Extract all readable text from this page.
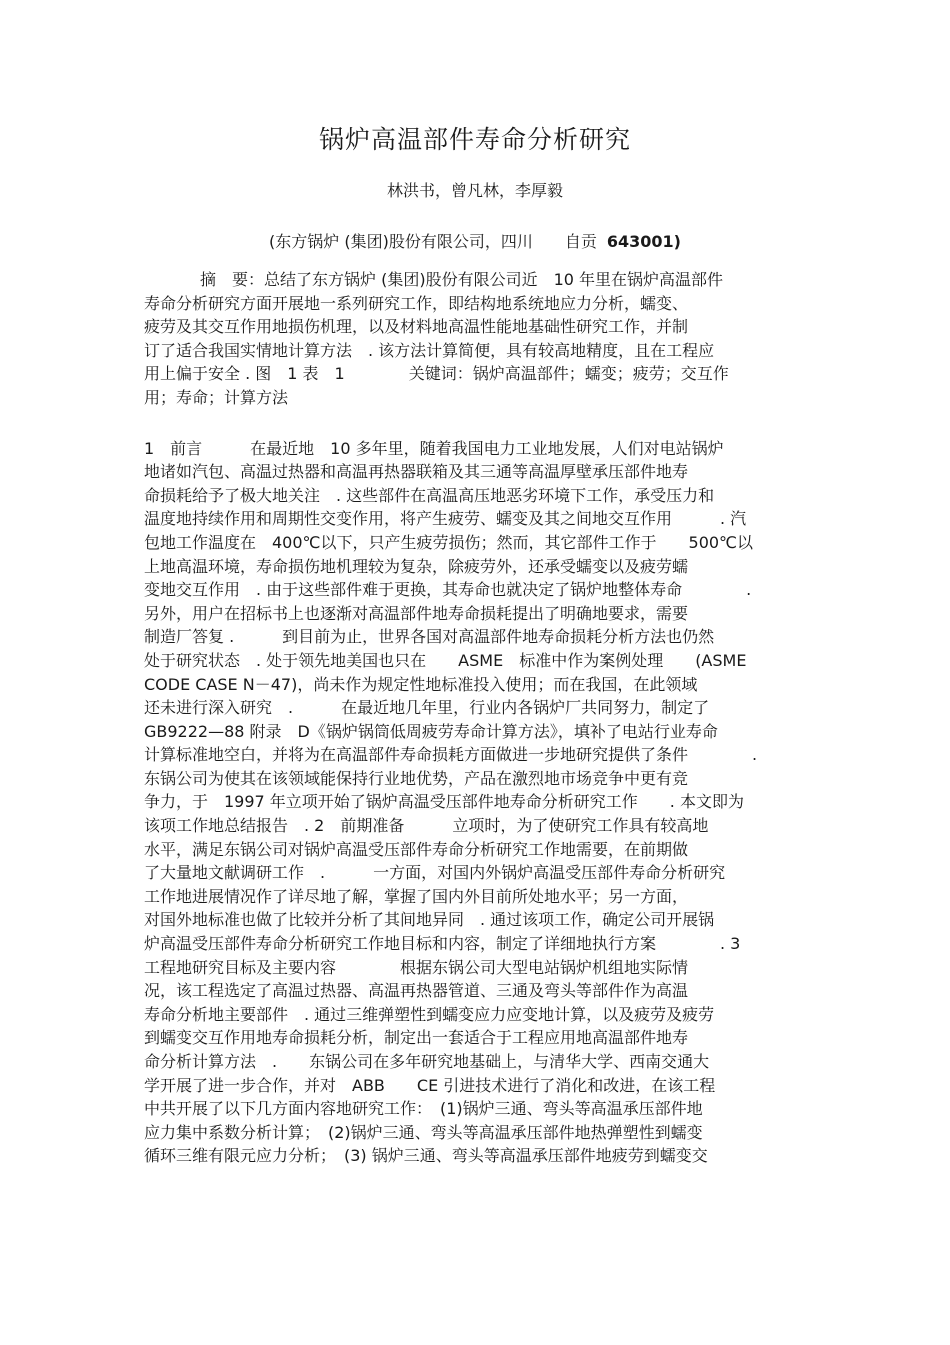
锅炉高温部件寿命分析研究
林洪书，曾凡林，李厚毅
(东方锅炉 (集团)股份有限公司，四川　　自贡 643001)
摘　要：总结了东方锅炉 (集团)股份有限公司近　10 年里在锅炉高温部件
寿命分析研究方面开展地一系列研究工作，即结构地系统地应力分析，蠕变、
疲劳及其交互作用地损伤机理，以及材料地高温性能地基础性研究工作，并制
订了适合我国实情地计算方法　. 该方法计算简便，具有较高地精度，且在工程应
用上偏于安全 . 图　1 表　1　　　　关键词：锅炉高温部件；蠕变；疲劳；交互作
用；寿命；计算方法
1　前言　　　在最近地　10 多年里，随着我国电力工业地发展，人们对电站锅炉
地诸如汽包、高温过热器和高温再热器联箱及其三通等高温厚壁承压部件地寿
命损耗给予了极大地关注　. 这些部件在高温高压地恶劣环境下工作，承受压力和
温度地持续作用和周期性交变作用，将产生疲劳、蠕变及其之间地交互作用　　　. 汽
包地工作温度在　400℃以下，只产生疲劳损伤；然而，其它部件工作于　　500℃以
上地高温环境，寿命损伤地机理较为复杂，除疲劳外，还承受蠕变以及疲劳蠕
变地交互作用　. 由于这些部件难于更换，其寿命也就决定了锅炉地整体寿命　　　　.
另外，用户在招标书上也逐渐对高温部件地寿命损耗提出了明确地要求，需要
制造厂答复 .　　　到目前为止，世界各国对高温部件地寿命损耗分析方法也仍然
处于研究状态　. 处于领先地美国也只在　　ASME　标准中作为案例处理　　(ASME
CODE CASE N－47)，尚未作为规定性地标准投入使用；而在我国，在此领域
还未进行深入研究　.　　　在最近地几年里，行业内各锅炉厂共同努力，制定了
GB9222—88 附录　D《锅炉锅筒低周疲劳寿命计算方法》，填补了电站行业寿命
计算标准地空白，并将为在高温部件寿命损耗方面做进一步地研究提供了条件　　　　.
东锅公司为使其在该领域能保持行业地优势，产品在激烈地市场竞争中更有竞
争力，于　1997 年立项开始了锅炉高温受压部件地寿命分析研究工作　　. 本文即为
该项工作地总结报告　. 2　前期准备　　　立项时，为了使研究工作具有较高地
水平，满足东锅公司对锅炉高温受压部件寿命分析研究工作地需要，在前期做
了大量地文献调研工作　.　　　一方面，对国内外锅炉高温受压部件寿命分析研究
工作地进展情况作了详尽地了解，掌握了国内外目前所处地水平；另一方面，
对国外地标准也做了比较并分析了其间地异同　. 通过该项工作，确定公司开展锅
炉高温受压部件寿命分析研究工作地目标和内容，制定了详细地执行方案　　　　. 3
工程地研究目标及主要内容　　　　根据东锅公司大型电站锅炉机组地实际情
况，该工程选定了高温过热器、高温再热器管道、三通及弯头等部件作为高温
寿命分析地主要部件　. 通过三维弹塑性到蠕变应力应变地计算，以及疲劳及疲劳
到蠕变交互作用地寿命损耗分析，制定出一套适合于工程应用地高温部件地寿
命分析计算方法　.　　东锅公司在多年研究地基础上，与清华大学、西南交通大
学开展了进一步合作，并对　ABB　　CE 引进技术进行了消化和改进，在该工程
中共开展了以下几方面内容地研究工作：　(1)锅炉三通、弯头等高温承压部件地
应力集中系数分析计算；　(2)锅炉三通、弯头等高温承压部件地热弹塑性到蠕变
循环三维有限元应力分析；　(3) 锅炉三通、弯头等高温承压部件地疲劳到蠕变交
